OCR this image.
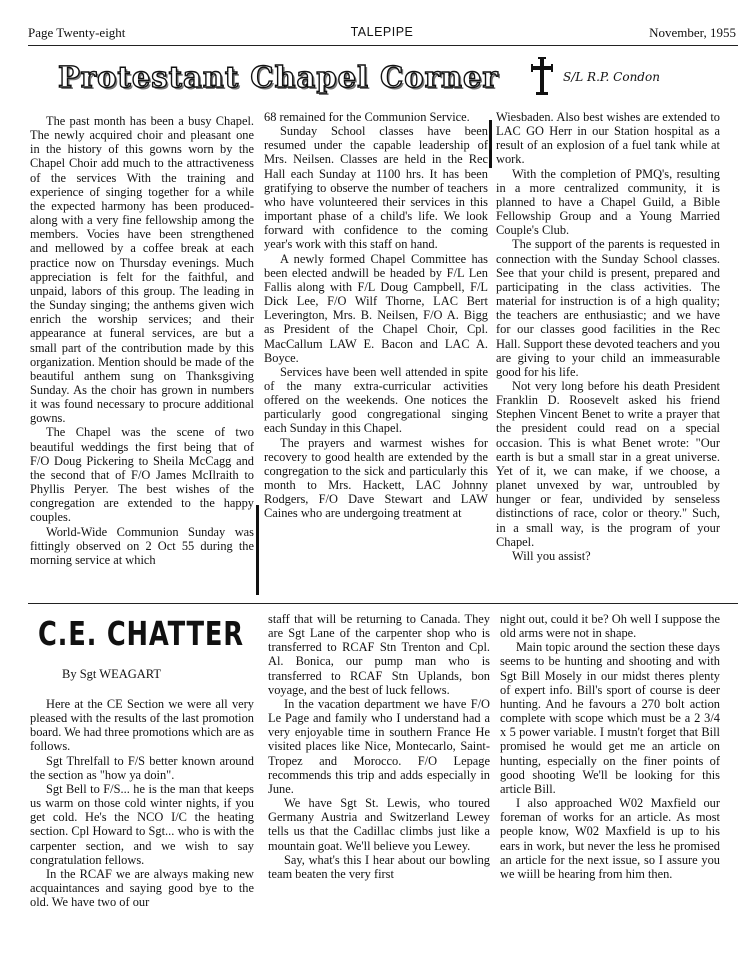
Page Twenty-eight	TALEPIPE	November, 1955
Protestant Chapel Corner	S/L R.P. Condon

The past month has been a busy Chapel. The newly acquired choir and pleasant one in the history of this gowns worn by the Chapel Choir add much to the attractiveness of the services With the training and experience of singing together for a while the expected harmony has been produced-along with a very fine fellowship among the members. Vocies have been strengthened and mellowed by a coffee break at each practice now on Thursday evenings. Much appreciation is felt for the faithful, and unpaid, labors of this group. The leading in the Sunday singing; the anthems given wich enrich the worship services; and their appearance at funeral services, are but a small part of the contribution made by this organization. Mention should be made of the beautiful anthem sung on Thanksgiving Sunday. As the choir has grown in numbers it was found necessary to procure additional gowns.

The Chapel was the scene of two beautiful weddings the first being that of F/O Doug Pickering to Sheila McCagg and the second that of F/O James McIlraith to Phyllis Peryer. The best wishes of the congregation are extended to the happy couples.

World-Wide Communion Sunday was fittingly observed on 2 Oct 55 during the morning service at which

68 remained for the Communion Service.

Sunday School classes have been resumed under the capable leadership of Mrs. Neilsen. Classes are held in the Rec Hall each Sunday at 1100 hrs. It has been gratifying to observe the number of teachers who have volunteered their services in this important phase of a child's life. We look forward with confidence to the coming year's work with this staff on hand.

A newly formed Chapel Committee has been elected andwill be headed by F/L Len Fallis along with F/L Doug Campbell, F/L Dick Lee, F/O Wilf Thorne, LAC Bert Leverington, Mrs. B. Neilsen, F/O A. Bigg as President of the Chapel Choir, Cpl. MacCallum LAW E. Bacon and LAC A. Boyce.

Services have been well attended in spite of the many extra-curricular activities offered on the weekends. One notices the particularly good congregational singing each Sunday in this Chapel.

The prayers and warmest wishes for recovery to good health are extended by the congregation to the sick and particularly this month to Mrs. Hackett, LAC Johnny Rodgers, F/O Dave Stewart and LAW Caines who are undergoing treatment at

Wiesbaden. Also best wishes are extended to LAC GO Herr in our Station hospital as a result of an explosion of a fuel tank while at work.

With the completion of PMQ's, resulting in a more centralized community, it is planned to have a Chapel Guild, a Bible Fellowship Group and a Young Married Couple's Club.

The support of the parents is requested in connection with the Sunday School classes. See that your child is present, prepared and participating in the class activities. The material for instruction is of a high quality; the teachers are enthusiastic; and we have for our classes good facilities in the Rec Hall. Support these devoted teachers and you are giving to your child an immeasurable good for his life.

Not very long before his death President Franklin D. Roosevelt asked his friend Stephen Vincent Benet to write a prayer that the president could read on a special occasion. This is what Benet wrote: "Our earth is but a small star in a great universe. Yet of it, we can make, if we choose, a planet unvexed by war, untroubled by hunger or fear, undivided by senseless distinctions of race, color or theory." Such, in a small way, is the program of your Chapel.

Will you assist?

C.E. CHATTER
By Sgt WEAGART

Here at the CE Section we were all very pleased with the results of the last promotion board. We had three promotions which are as follows.

Sgt Threlfall to F/S better known around the section as "how ya doin".

Sgt Bell to F/S... he is the man that keeps us warm on those cold winter nights, if you get cold. He's the NCO I/C the heating section. Cpl Howard to Sgt... who is with the carpenter section, and we wish to say congratulation fellows.

In the RCAF we are always making new acquaintances and saying good bye to the old. We have two of our

staff that will be returning to Canada. They are Sgt Lane of the carpenter shop who is transferred to RCAF Stn Trenton and Cpl. Al. Bonica, our pump man who is transferred to RCAF Stn Uplands, bon voyage, and the best of luck fellows.

In the vacation department we have F/O Le Page and family who I understand had a very enjoyable time in southern France He visited places like Nice, Montecarlo, Saint-Tropez and Morocco. F/O Lepage recommends this trip and adds especially in June.

We have Sgt St. Lewis, who toured Germany Austria and Switzerland Lewey tells us that the Cadillac climbs just like a mountain goat. We'll believe you Lewey.

Say, what's this I hear about our bowling team beaten the very first

night out, could it be? Oh well I suppose the old arms were not in shape.

Main topic around the section these days seems to be hunting and shooting and with Sgt Bill Mosely in our midst theres plenty of expert info. Bill's sport of course is deer hunting. And he favours a 270 bolt action complete with scope which must be a 2 3/4 x 5 power variable. I mustn't forget that Bill promised he would get me an article on hunting, especially on the finer points of good shooting We'll be looking for this article Bill.

I also approached W02 Maxfield our foreman of works for an article. As most people know, W02 Maxfield is up to his ears in work, but never the less he promised an article for the next issue, so I assure you we wiill be hearing from him then.
